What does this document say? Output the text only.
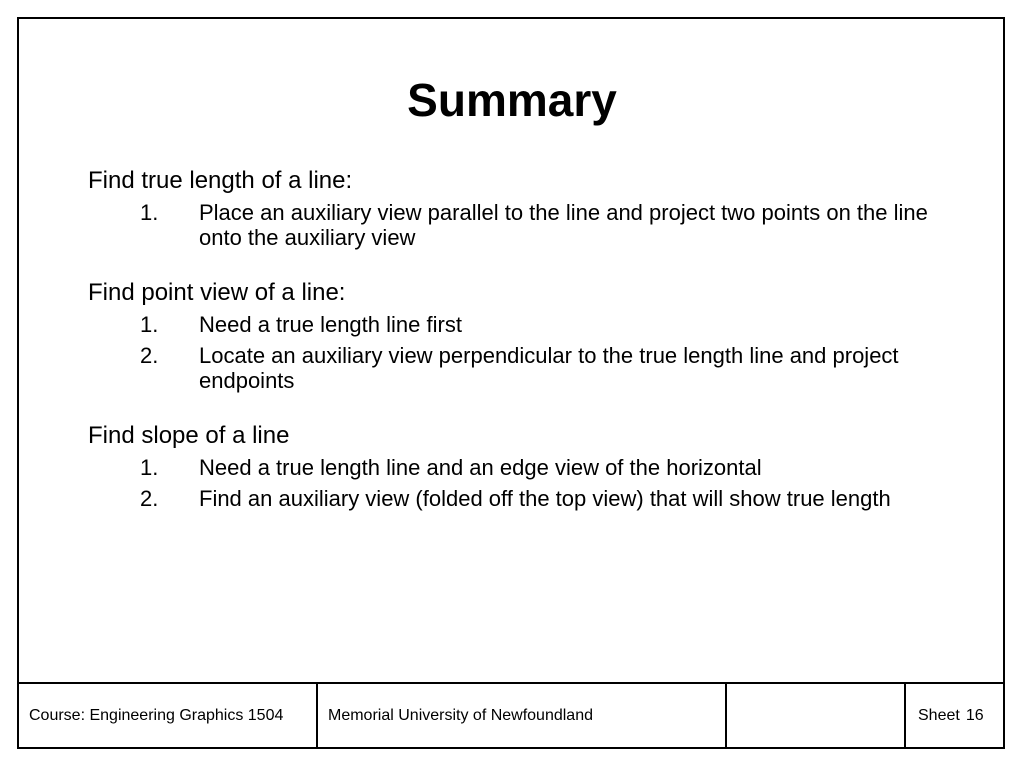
Summary
Find true length of a line:
1. Place an auxiliary view parallel to the line and project two points on the line onto the auxiliary view
Find point view of a line:
1. Need a true length line first
2. Locate an auxiliary view perpendicular to the true length line and project endpoints
Find slope of a line
1. Need a true length line and an edge view of the horizontal
2. Find an auxiliary view (folded off the top view) that will show true length
Course: Engineering Graphics 1504	Memorial University of Newfoundland	Sheet 16
